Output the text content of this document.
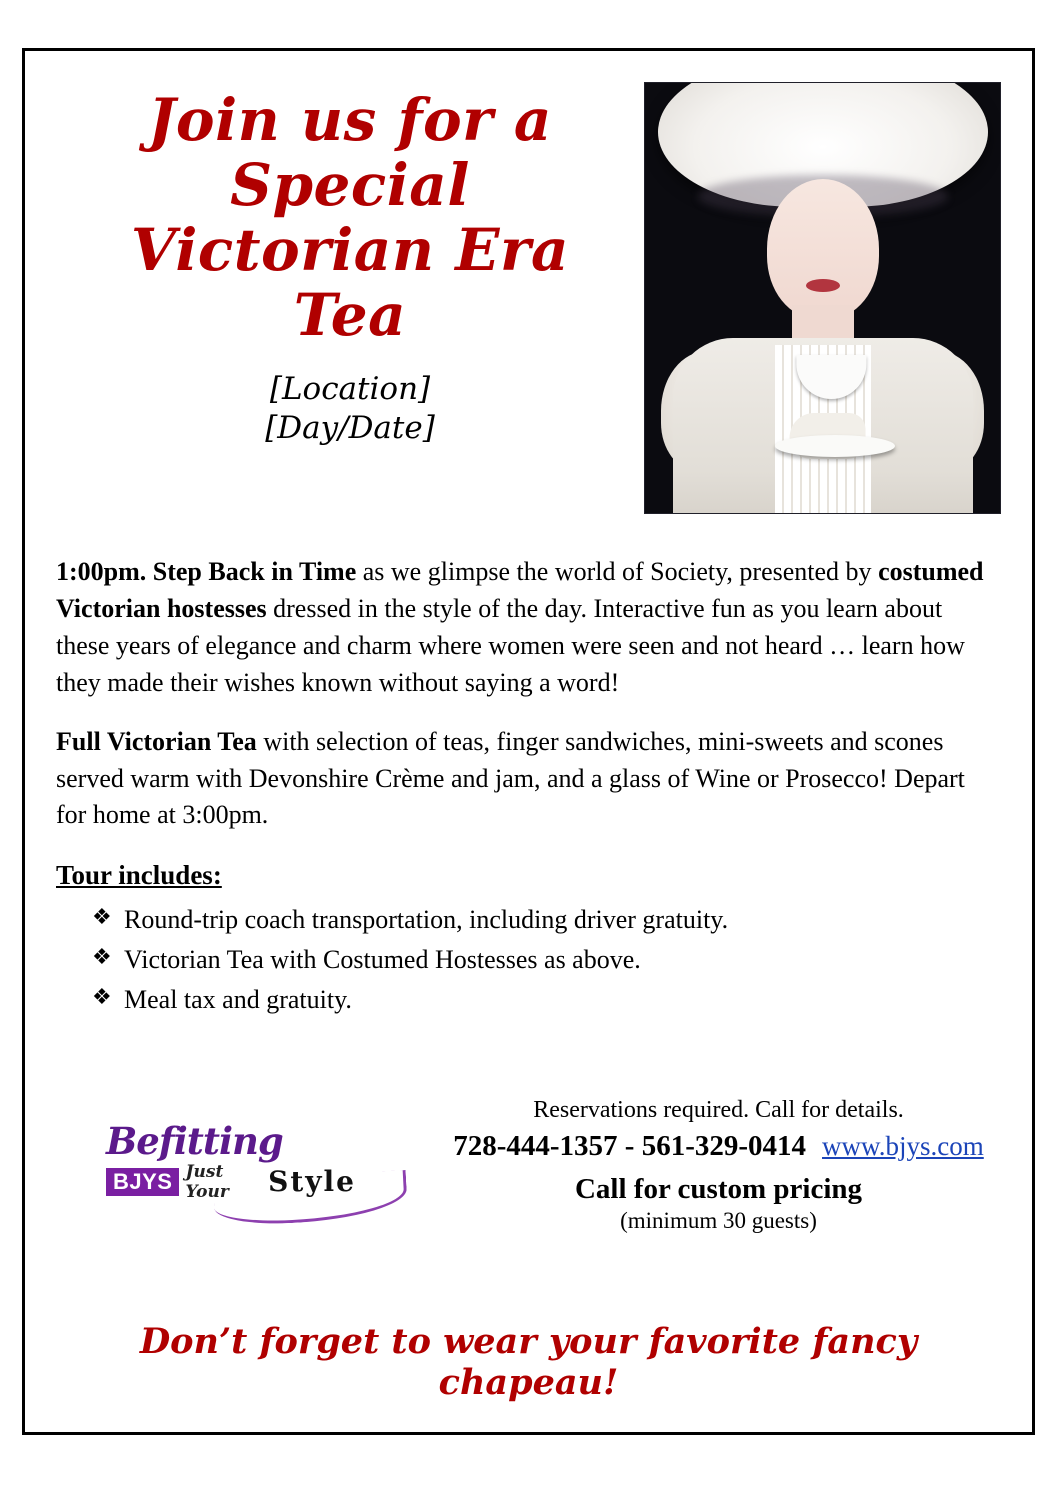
Join us for a
Special
Victorian Era
Tea
[Location]
[Day/Date]

1:00pm. Step Back in Time as we glimpse the world of Society, presented by costumed Victorian hostesses dressed in the style of the day. Interactive fun as you learn about these years of elegance and charm where women were seen and not heard … learn how they made their wishes known without saying a word!

Full Victorian Tea with selection of teas, finger sandwiches, mini-sweets and scones served warm with Devonshire Crème and jam, and a glass of Wine or Prosecco! Depart for home at 3:00pm.

Tour includes:
❖ Round-trip coach transportation, including driver gratuity.
❖ Victorian Tea with Costumed Hostesses as above.
❖ Meal tax and gratuity.
Befitting
BJYS Just Your	Style
Reservations required. Call for details.
728-444-1357 - 561-329-0414 www.bjys.com
Call for custom pricing
(minimum 30 guests)
Don’t forget to wear your favorite fancy chapeau!
